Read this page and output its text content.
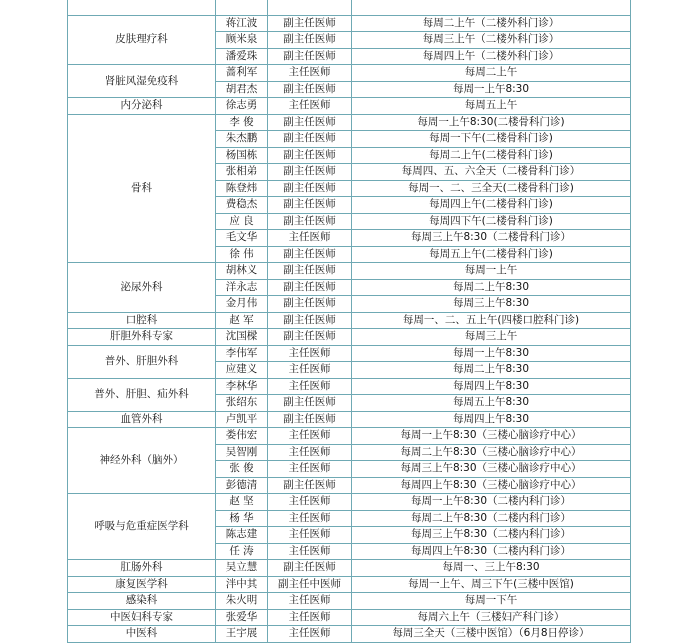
皮肤理疗科	蒋江波	副主任医师	每周二上午（二楼外科门诊）
	顾米泉	副主任医师	每周三上午（二楼外科门诊）
	潘爱珠	副主任医师	每周四上午（二楼外科门诊）
肾脏风湿免疫科	蔷利军	主任医师	每周二上午
	胡君杰	副主任医师	每周一上午8:30
内分泌科	徐志勇	主任医师	每周五上午
骨科	李 俊	副主任医师	每周一上午8:30(二楼骨科门诊)
	朱杰鹏	副主任医师	每周一下午(二楼骨科门诊)
	杨国栋	副主任医师	每周二上午(二楼骨科门诊)
	张相弟	副主任医师	每周四、五、六全天（二楼骨科门诊）
	陈登炜	副主任医师	每周一、二、三全天(二楼骨科门诊)
	费稳杰	副主任医师	每周四上午(二楼骨科门诊)
	应 良	副主任医师	每周四下午(二楼骨科门诊)
	毛文华	主任医师	每周三上午8:30（二楼骨科门诊）
	徐 伟	副主任医师	每周五上午(二楼骨科门诊)
泌尿外科	胡林义	副主任医师	每周一上午
	洋永志	副主任医师	每周二上午8:30
	金月伟	副主任医师	每周三上午8:30
口腔科	赵 军	副主任医师	每周一、二、五上午(四楼口腔科门诊)
肝胆外科专家	沈国樑	副主任医师	每周三上午
普外、肝胆外科	李伟军	主任医师	每周一上午8:30
	应建义	主任医师	每周二上午8:30
普外、肝胆、疝外科	李林华	主任医师	每周四上午8:30
	张绍东	副主任医师	每周五上午8:30
血管外科	卢凯平	副主任医师	每周四上午8:30
神经外科（脑外）	娄伟宏	主任医师	每周一上午8:30（三楼心脑诊疗中心）
	吴智刚	主任医师	每周二上午8:30（三楼心脑诊疗中心）
	张 俊	主任医师	每周三上午8:30（三楼心脑诊疗中心）
	彭德清	副主任医师	每周四上午8:30（三楼心脑诊疗中心）
呼吸与危重症医学科	赵 坚	主任医师	每周一上午8:30（二楼内科门诊）
	杨 华	主任医师	每周二上午8:30（二楼内科门诊）
	陈志建	主任医师	每周三上午8:30（二楼内科门诊）
	任 涛	主任医师	每周四上午8:30（二楼内科门诊）
肛肠外科	吴立慧	副主任医师	每周一、三上午8:30
康复医学科	泮中其	副主任中医师	每周一上午、周三下午(三楼中医馆)
感染科	朱火明	主任医师	每周一下午
中医妇科专家	张爱华	主任医师	每周六上午（三楼妇产科门诊）
中医科	王宇展	主任医师	每周三全天（三楼中医馆）（6月8日停诊）
